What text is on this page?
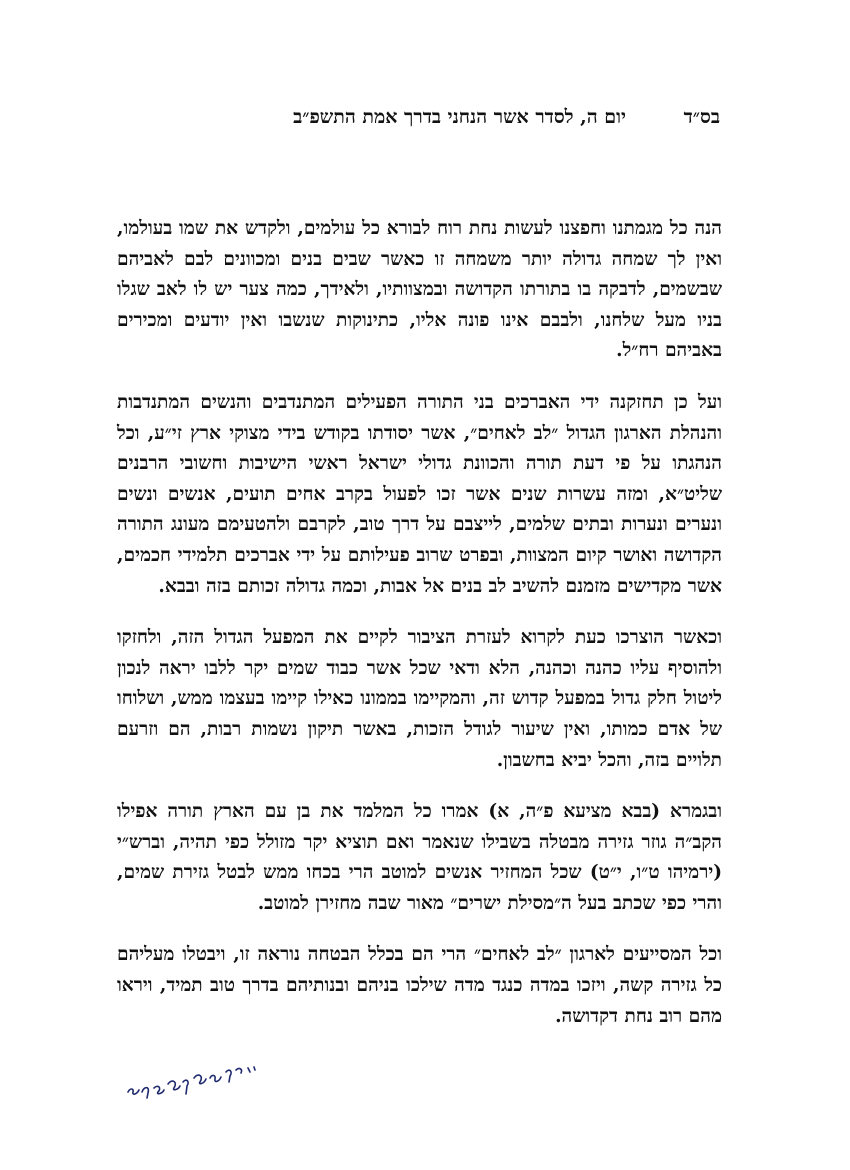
בס״ד
יום ה, לסדר אשר הנחני בדרך אמת התשפ״ב

הנה כל מגמתנו וחפצנו לעשות נחת רוח לבורא כל עולמים, ולקדש את שמו בעולמו, ואין לך שמחה גדולה יותר משמחה זו כאשר שבים בנים ומכוונים לבם לאביהם שבשמים, לדבקה בו בתורתו הקדושה ובמצוותיו, ולאידך, כמה צער יש לו לאב שגלו בניו מעל שלחנו, ולבבם אינו פונה אליו, כתינוקות שנשבו ואין יודעים ומכירים באביהם רח״ל.

ועל כן תחזקנה ידי האברכים בני התורה הפעילים המתנדבים והנשים המתנדבות והנהלת הארגון הגדול ״לב לאחים״, אשר יסודתו בקודש בידי מצוקי ארץ זי״ע, וכל הנהגתו על פי דעת תורה והכוונת גדולי ישראל ראשי הישיבות וחשובי הרבנים שליט״א, ומזה עשרות שנים אשר זכו לפעול בקרב אחים תועים, אנשים ונשים ונערים ונערות ובתים שלמים, לייצבם על דרך טוב, לקרבם ולהטעימם מעונג התורה הקדושה ואושר קיום המצוות, ובפרט שרוב פעילותם על ידי אברכים תלמידי חכמים, אשר מקדישים מזמנם להשיב לב בנים אל אבות, וכמה גדולה זכותם בזה ובבא.

וכאשר הוצרכו כעת לקרוא לעזרת הציבור לקיים את המפעל הגדול הזה, ולחזקו ולהוסיף עליו כהנה וכהנה, הלא ודאי שכל אשר כבוד שמים יקר ללבו יראה לנכון ליטול חלק גדול במפעל קדוש זה, והמקיימו בממונו כאילו קיימו בעצמו ממש, ושלוחו של אדם כמותו, ואין שיעור לגודל הזכות, באשר תיקון נשמות רבות, הם וזרעם תלויים בזה, והכל יביא בחשבון.

ובגמרא (בבא מציעא פ״ה, א) אמרו כל המלמד את בן עם הארץ תורה אפילו הקב״ה גוזר גזירה מבטלה בשבילו שנאמר ואם תוציא יקר מזולל כפי תהיה, וברש״י (ירמיהו ט״ו, י״ט) שכל המחזיר אנשים למוטב הרי בכחו ממש לבטל גזירת שמים, והרי כפי שכתב בעל ה״מסילת ישרים״ מאור שבה מחזירן למוטב.

וכל המסייעים לארגון ״לב לאחים״ הרי הם בכלל הבטחה נוראה זו, ויבטלו מעליהם כל גזירה קשה, ויזכו במדה כנגד מדה שילכו בניהם ובנותיהם בדרך טוב תמיד, ויראו מהם רוב נחת דקדושה.
